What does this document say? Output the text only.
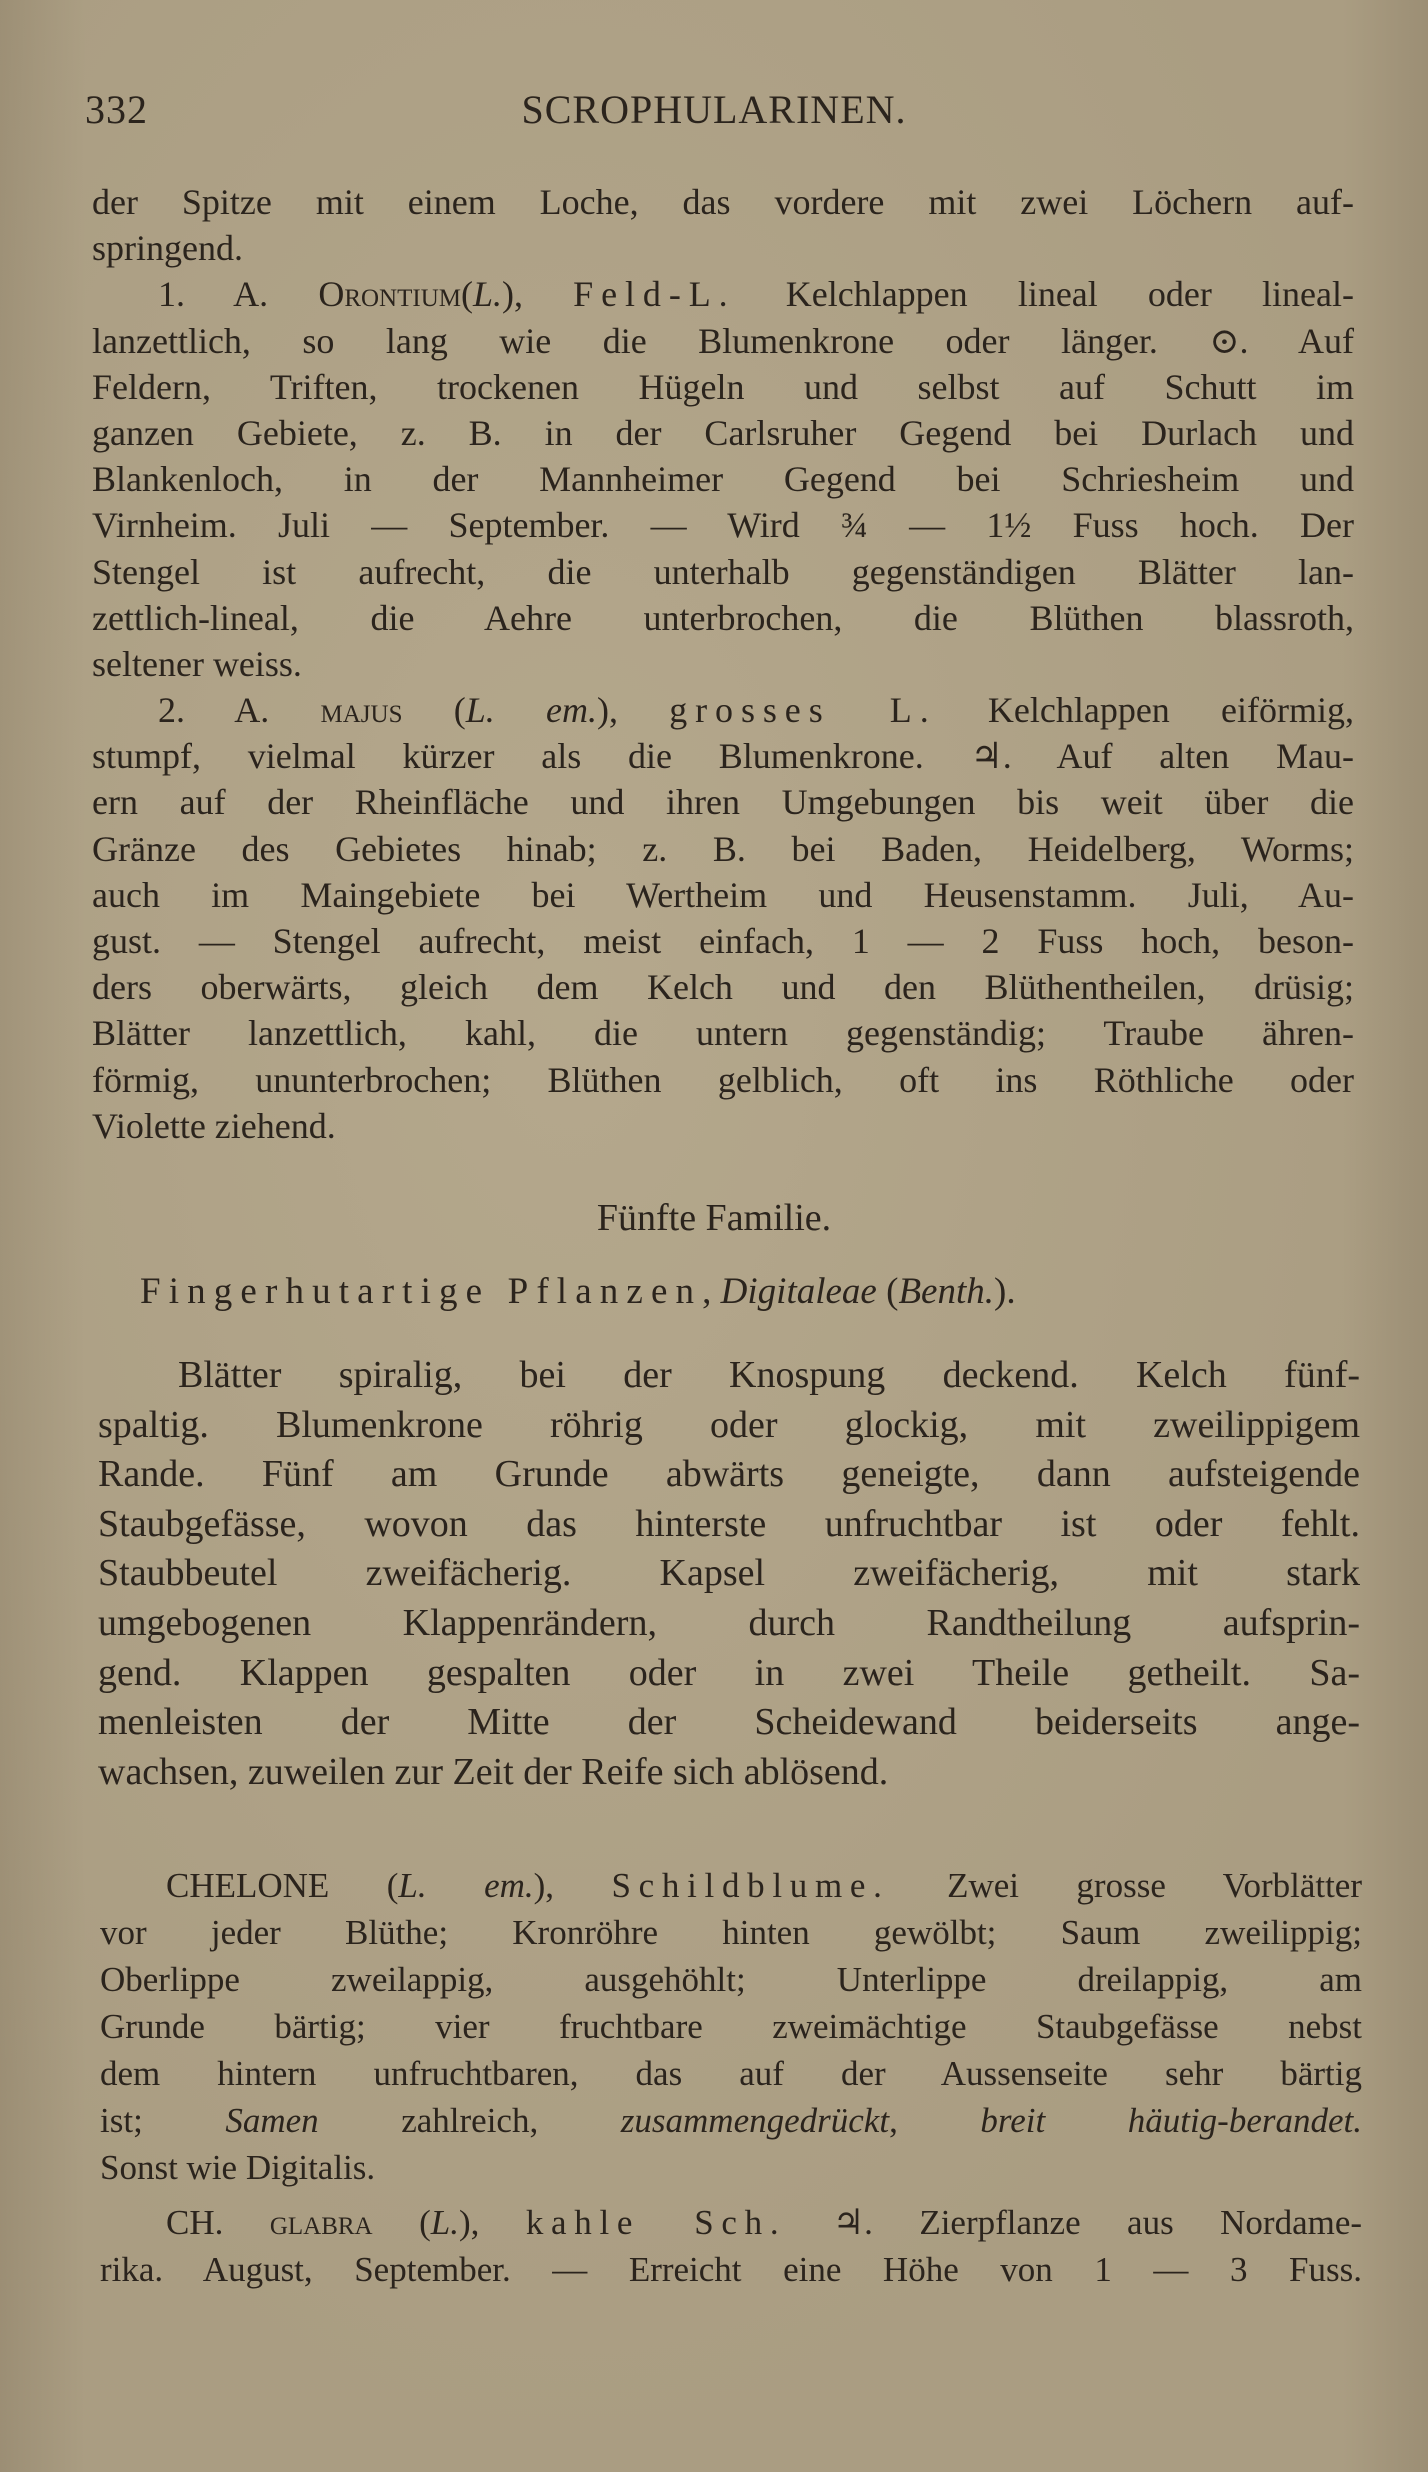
332	SCROPHULARINEN.
der Spitze mit einem Loche, das vordere mit zwei Löchern auf-
springend.
1. A. Orontium(L.), Feld-L. Kelchlappen lineal oder lineal-
lanzettlich, so lang wie die Blumenkrone oder länger. ⊙. Auf
Feldern, Triften, trockenen Hügeln und selbst auf Schutt im
ganzen Gebiete, z. B. in der Carlsruher Gegend bei Durlach und
Blankenloch, in der Mannheimer Gegend bei Schriesheim und
Virnheim. Juli — September. — Wird ¾ — 1½ Fuss hoch. Der
Stengel ist aufrecht, die unterhalb gegenständigen Blätter lan-
zettlich-lineal, die Aehre unterbrochen, die Blüthen blassroth,
seltener weiss.
2. A. majus (L. em.), grosses L. Kelchlappen eiförmig,
stumpf, vielmal kürzer als die Blumenkrone. ♃. Auf alten Mau-
ern auf der Rheinfläche und ihren Umgebungen bis weit über die
Gränze des Gebietes hinab; z. B. bei Baden, Heidelberg, Worms;
auch im Maingebiete bei Wertheim und Heusenstamm. Juli, Au-
gust. — Stengel aufrecht, meist einfach, 1 — 2 Fuss hoch, beson-
ders oberwärts, gleich dem Kelch und den Blüthentheilen, drüsig;
Blätter lanzettlich, kahl, die untern gegenständig; Traube ähren-
förmig, ununterbrochen; Blüthen gelblich, oft ins Röthliche oder
Violette ziehend.
Fünfte Familie.
Fingerhutartige Pflanzen, Digitaleae (Benth.).
Blätter spiralig, bei der Knospung deckend. Kelch fünf-
spaltig. Blumenkrone röhrig oder glockig, mit zweilippigem
Rande. Fünf am Grunde abwärts geneigte, dann aufsteigende
Staubgefässe, wovon das hinterste unfruchtbar ist oder fehlt.
Staubbeutel zweifächerig. Kapsel zweifächerig, mit stark
umgebogenen Klappenrändern, durch Randtheilung aufsprin-
gend. Klappen gespalten oder in zwei Theile getheilt. Sa-
menleisten der Mitte der Scheidewand beiderseits ange-
wachsen, zuweilen zur Zeit der Reife sich ablösend.
CHELONE (L. em.), Schildblume. Zwei grosse Vorblätter
vor jeder Blüthe; Kronröhre hinten gewölbt; Saum zweilippig;
Oberlippe zweilappig, ausgehöhlt; Unterlippe dreilappig, am
Grunde bärtig; vier fruchtbare zweimächtige Staubgefässe nebst
dem hintern unfruchtbaren, das auf der Aussenseite sehr bärtig
ist; Samen zahlreich, zusammengedrückt, breit häutig-berandet.
Sonst wie Digitalis.
CH. glabra (L.), kahle Sch. ♃. Zierpflanze aus Nordame-
rika. August, September. — Erreicht eine Höhe von 1 — 3 Fuss.
